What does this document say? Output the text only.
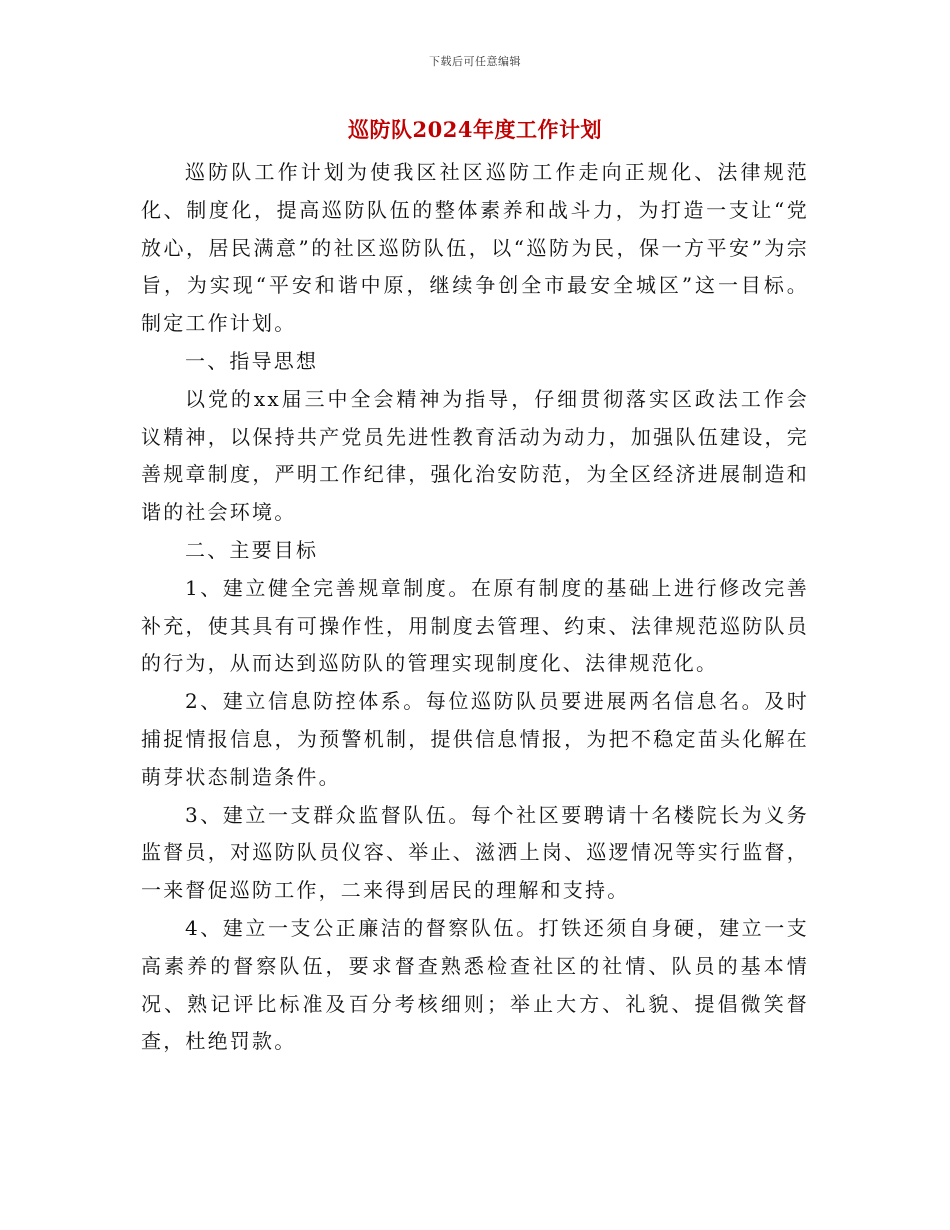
下载后可任意编辑
巡防队2024年度工作计划

巡防队工作计划为使我区社区巡防工作走向正规化、法律规范化、制度化，提高巡防队伍的整体素养和战斗力，为打造一支让“党放心，居民满意”的社区巡防队伍，以“巡防为民，保一方平安”为宗旨，为实现“平安和谐中原，继续争创全市最安全城区”这一目标。制定工作计划。

一、指导思想

以党的xx届三中全会精神为指导，仔细贯彻落实区政法工作会议精神，以保持共产党员先进性教育活动为动力，加强队伍建设，完善规章制度，严明工作纪律，强化治安防范，为全区经济进展制造和谐的社会环境。

二、主要目标

1、建立健全完善规章制度。在原有制度的基础上进行修改完善补充，使其具有可操作性，用制度去管理、约束、法律规范巡防队员的行为，从而达到巡防队的管理实现制度化、法律规范化。

2、建立信息防控体系。每位巡防队员要进展两名信息名。及时捕捉情报信息，为预警机制，提供信息情报，为把不稳定苗头化解在萌芽状态制造条件。

3、建立一支群众监督队伍。每个社区要聘请十名楼院长为义务监督员，对巡防队员仪容、举止、滋洒上岗、巡逻情况等实行监督，一来督促巡防工作，二来得到居民的理解和支持。

4、建立一支公正廉洁的督察队伍。打铁还须自身硬，建立一支高素养的督察队伍，要求督查熟悉检查社区的社情、队员的基本情况、熟记评比标准及百分考核细则；举止大方、礼貌、提倡微笑督查，杜绝罚款。
